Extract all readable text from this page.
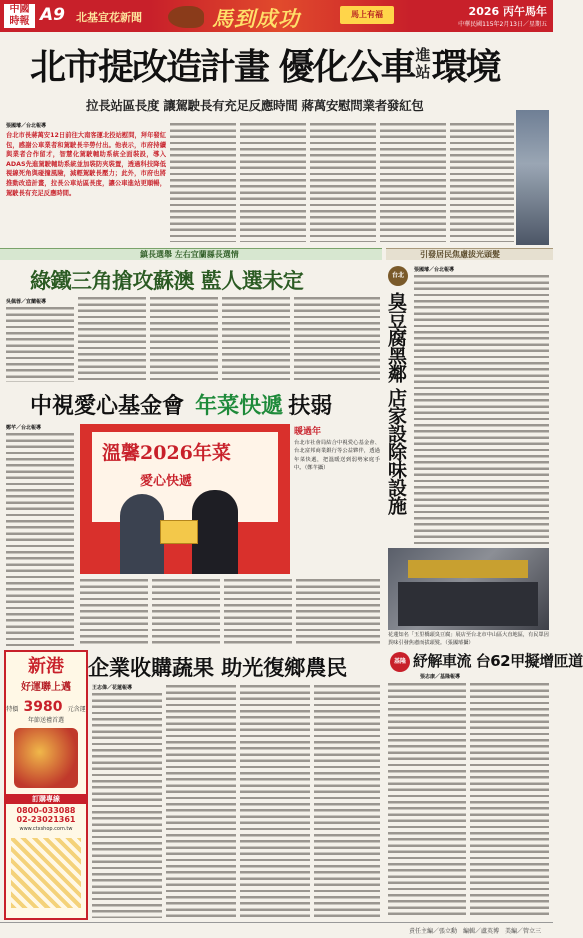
中國
時報 A9 北基宜花新聞	馬到成功	馬上有福	2026 丙午馬年
中華民國115年2月13日／星期五
北市提改造計畫 優化公車 進
站 環境
拉長站區長度 讓駕駛長有充足反應時間 蔣萬安慰問業者發紅包
張國璿／台北報導
台北市長蔣萬安12日前往大南客運北投站慰問，拜年發紅包，感謝公車業者和駕駛長辛勞付出。他表示，市府持續與業者合作留才，智慧化駕駛輔助系統全面裝設，導入ADAS先進駕駛輔助系統並加裝防夾裝置，透過科技降低視線死角與碰撞風險，減輕駕駛長壓力；此外，市府也將推動改造計畫，拉長公車站區長度，讓公車進站更順暢，駕駛長有充足反應時間。
鎮長選舉 左右宜蘭縣長選情	引發居民焦慮拔光頭髮
綠鐵三角搶攻蘇澳 藍人選未定
吳佩蓉／宜蘭報導
中視愛心基金會 年菜快遞 扶弱
鄭芊／台北報導
溫馨2026年菜
愛心快遞
暖過年
台北市社會局結合中視愛心基金會、台北富邦商業銀行等公益夥伴，透過年菜快遞，把溫暖送到弱勢家庭手中。（鄭芊攝）
企業收購蔬果 助光復鄉農民
王志偉／花蓮報導
新港
好運聯上邁
特價 3980 元含運
年節送禮首選
訂購專線
0800-033088
02-23021361
www.ctxshop.com.tw
台北
臭豆腐黑鄰 店家設除味設施
張國璿／台北報導
花蓮知名「玉里橋頭臭豆腐」展店至台北市中山區大直地區，有民眾因異味引發焦慮而拔頭髮。（張國璿攝）
基隆 紓解車流 台62甲擬增匝道
張志康／基隆報導
責任主編／張立勳　編輯／盧英博　美編／管立三
